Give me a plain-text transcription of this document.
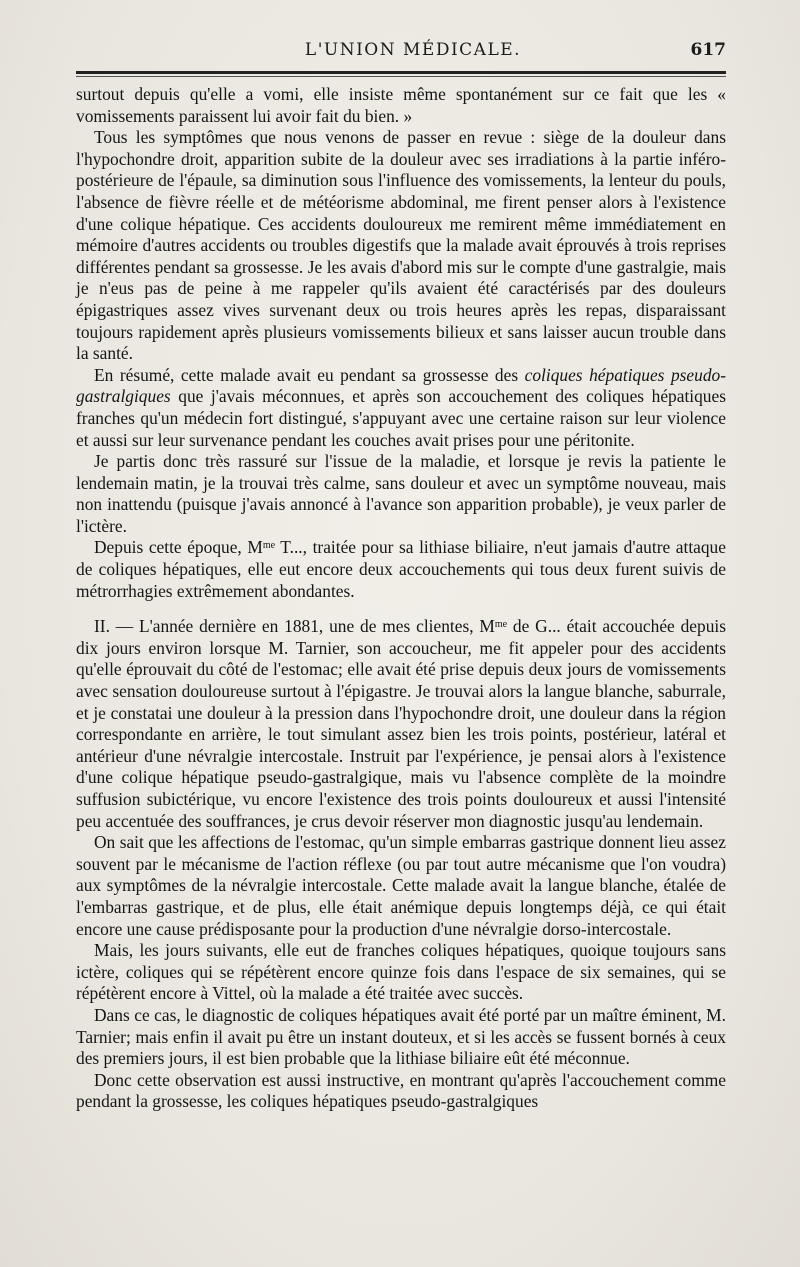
L'UNION MÉDICALE.	617

surtout depuis qu'elle a vomi, elle insiste même spontanément sur ce fait que les « vomissements paraissent lui avoir fait du bien. »

Tous les symptômes que nous venons de passer en revue : siège de la douleur dans l'hypochondre droit, apparition subite de la douleur avec ses irradiations à la partie inféro-postérieure de l'épaule, sa diminution sous l'influence des vomissements, la lenteur du pouls, l'absence de fièvre réelle et de météorisme abdominal, me firent penser alors à l'existence d'une colique hépatique. Ces accidents douloureux me remirent même immédiatement en mémoire d'autres accidents ou troubles digestifs que la malade avait éprouvés à trois reprises différentes pendant sa grossesse. Je les avais d'abord mis sur le compte d'une gastralgie, mais je n'eus pas de peine à me rappeler qu'ils avaient été caractérisés par des douleurs épigastriques assez vives survenant deux ou trois heures après les repas, disparaissant toujours rapidement après plusieurs vomissements bilieux et sans laisser aucun trouble dans la santé.

En résumé, cette malade avait eu pendant sa grossesse des coliques hépatiques pseudo-gastralgiques que j'avais méconnues, et après son accouchement des coliques hépatiques franches qu'un médecin fort distingué, s'appuyant avec une certaine raison sur leur violence et aussi sur leur survenance pendant les couches avait prises pour une péritonite.

Je partis donc très rassuré sur l'issue de la maladie, et lorsque je revis la patiente le lendemain matin, je la trouvai très calme, sans douleur et avec un symptôme nouveau, mais non inattendu (puisque j'avais annoncé à l'avance son apparition probable), je veux parler de l'ictère.

Depuis cette époque, $M^{me}$ T..., traitée pour sa lithiase biliaire, n'eut jamais d'autre attaque de coliques hépatiques, elle eut encore deux accouchements qui tous deux furent suivis de métrorrhagies extrêmement abondantes.

II. — L'année dernière en 1881, une de mes clientes, $M^{me}$ de G... était accouchée depuis dix jours environ lorsque M. Tarnier, son accoucheur, me fit appeler pour des accidents qu'elle éprouvait du côté de l'estomac; elle avait été prise depuis deux jours de vomissements avec sensation douloureuse surtout à l'épigastre. Je trouvai alors la langue blanche, saburrale, et je constatai une douleur à la pression dans l'hypochondre droit, une douleur dans la région correspondante en arrière, le tout simulant assez bien les trois points, postérieur, latéral et antérieur d'une névralgie intercostale. Instruit par l'expérience, je pensai alors à l'existence d'une colique hépatique pseudo-gastralgique, mais vu l'absence complète de la moindre suffusion subictérique, vu encore l'existence des trois points douloureux et aussi l'intensité peu accentuée des souffrances, je crus devoir réserver mon diagnostic jusqu'au lendemain.

On sait que les affections de l'estomac, qu'un simple embarras gastrique donnent lieu assez souvent par le mécanisme de l'action réflexe (ou par tout autre mécanisme que l'on voudra) aux symptômes de la névralgie intercostale. Cette malade avait la langue blanche, étalée de l'embarras gastrique, et de plus, elle était anémique depuis longtemps déjà, ce qui était encore une cause prédisposante pour la production d'une névralgie dorso-intercostale.

Mais, les jours suivants, elle eut de franches coliques hépatiques, quoique toujours sans ictère, coliques qui se répétèrent encore quinze fois dans l'espace de six semaines, qui se répétèrent encore à Vittel, où la malade a été traitée avec succès.

Dans ce cas, le diagnostic de coliques hépatiques avait été porté par un maître éminent, M. Tarnier; mais enfin il avait pu être un instant douteux, et si les accès se fussent bornés à ceux des premiers jours, il est bien probable que la lithiase biliaire eût été méconnue.

Donc cette observation est aussi instructive, en montrant qu'après l'accouchement comme pendant la grossesse, les coliques hépatiques pseudo-gastralgiques
